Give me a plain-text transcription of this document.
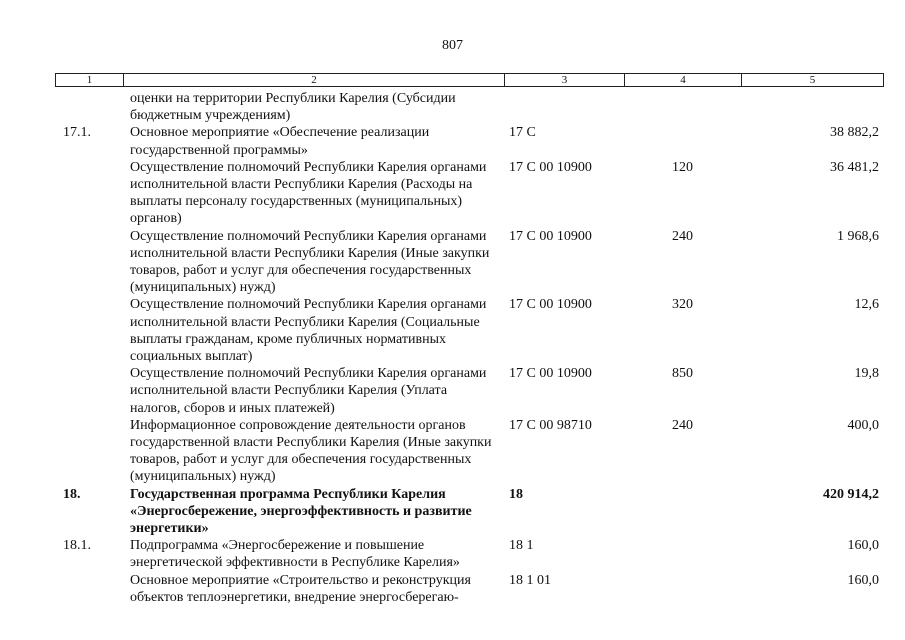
807
1	2	3	4	5
	оценки на территории Республики Карелия (Субсидии бюджетным учреждениям)			
17.1.	Основное мероприятие «Обеспечение реализации государственной программы»	17 С		38 882,2
	Осуществление полномочий Республики Карелия органами исполнительной власти Республики Карелия (Расходы на выплаты персоналу государственных (муниципальных) органов)	17 С 00 10900	120	36 481,2
	Осуществление полномочий Республики Карелия органами исполнительной власти Республики Карелия (Иные закупки товаров, работ и услуг для обеспечения государственных (муниципальных) нужд)	17 С 00 10900	240	1 968,6
	Осуществление полномочий Республики Карелия органами исполнительной власти Республики Карелия (Социальные выплаты гражданам, кроме публичных нормативных социальных выплат)	17 С 00 10900	320	12,6
	Осуществление полномочий Республики Карелия органами исполнительной власти Республики Карелия (Уплата налогов, сборов и иных платежей)	17 С 00 10900	850	19,8
	Информационное сопровождение деятельности органов государственной власти Республики Карелия (Иные закупки товаров, работ и услуг для обеспечения государственных (муниципальных) нужд)	17 С 00 98710	240	400,0
18.	Государственная программа Республики Карелия «Энергосбережение, энергоэффективность и развитие энергетики»	18		420 914,2
18.1.	Подпрограмма «Энергосбережение и повышение энергетической эффективности в Республике Карелия»	18 1		160,0
	Основное мероприятие «Строительство и реконструкция объектов теплоэнергетики, внедрение энергосберегаю-	18 1 01		160,0
